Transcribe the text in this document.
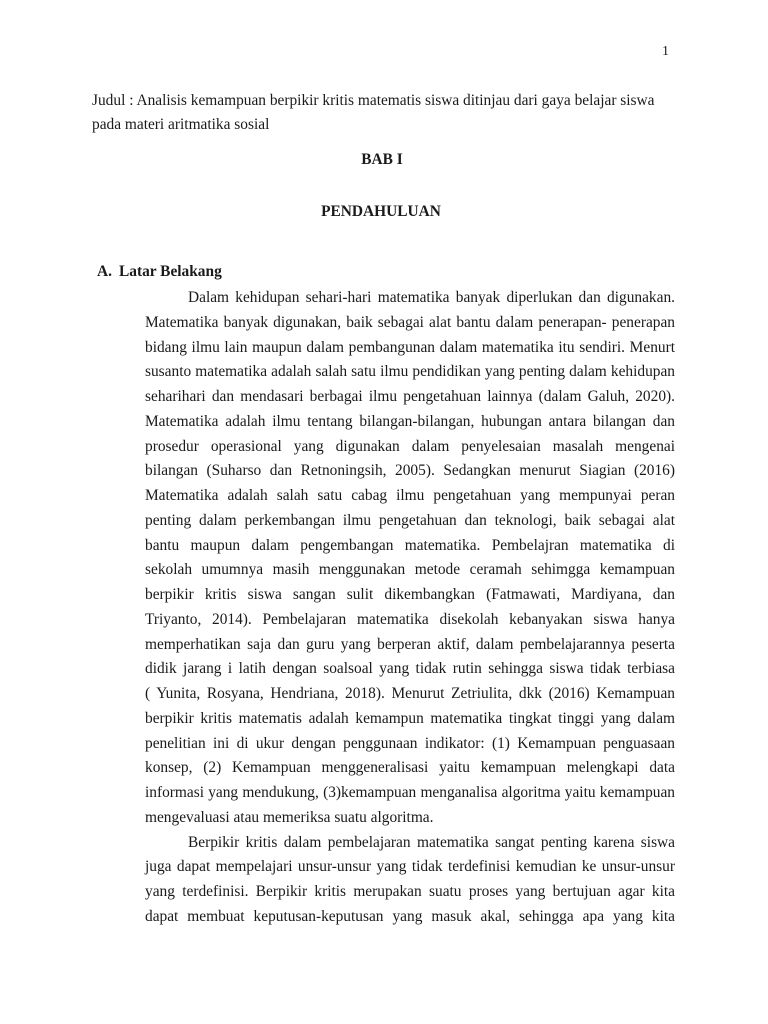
1
Judul : Analisis kemampuan berpikir kritis matematis siswa ditinjau dari gaya belajar siswa
pada materi aritmatika sosial
BAB I
PENDAHULUAN
A. Latar Belakang
Dalam kehidupan sehari-hari matematika banyak diperlukan dan digunakan.
Matematika banyak digunakan, baik sebagai alat bantu dalam penerapan- penerapan
bidang ilmu lain maupun dalam pembangunan dalam matematika itu sendiri. Menurt
susanto matematika adalah salah satu ilmu pendidikan yang penting dalam kehidupan
seharihari dan mendasari berbagai ilmu pengetahuan lainnya (dalam Galuh, 2020).
Matematika adalah ilmu tentang bilangan-bilangan, hubungan antara bilangan dan
prosedur operasional yang digunakan dalam penyelesaian masalah mengenai
bilangan (Suharso dan Retnoningsih, 2005). Sedangkan menurut Siagian (2016)
Matematika adalah salah satu cabag ilmu pengetahuan yang mempunyai peran
penting dalam perkembangan ilmu pengetahuan dan teknologi, baik sebagai alat
bantu maupun dalam pengembangan matematika. Pembelajran matematika di
sekolah umumnya masih menggunakan metode ceramah sehimgga kemampuan
berpikir kritis siswa sangan sulit dikembangkan (Fatmawati, Mardiyana, dan
Triyanto, 2014). Pembelajaran matematika disekolah kebanyakan siswa hanya
memperhatikan saja dan guru yang berperan aktif, dalam pembelajarannya peserta
didik jarang i latih dengan soalsoal yang tidak rutin sehingga siswa tidak terbiasa
( Yunita, Rosyana, Hendriana, 2018). Menurut Zetriulita, dkk (2016) Kemampuan
berpikir kritis matematis adalah kemampun matematika tingkat tinggi yang dalam
penelitian ini di ukur dengan penggunaan indikator: (1) Kemampuan penguasaan
konsep, (2) Kemampuan menggeneralisasi yaitu kemampuan melengkapi data
informasi yang mendukung, (3)kemampuan menganalisa algoritma yaitu kemampuan
mengevaluasi atau memeriksa suatu algoritma.
Berpikir kritis dalam pembelajaran matematika sangat penting karena siswa
juga dapat mempelajari unsur-unsur yang tidak terdefinisi kemudian ke unsur-unsur
yang terdefinisi. Berpikir kritis merupakan suatu proses yang bertujuan agar kita
dapat membuat keputusan-keputusan yang masuk akal, sehingga apa yang kita
